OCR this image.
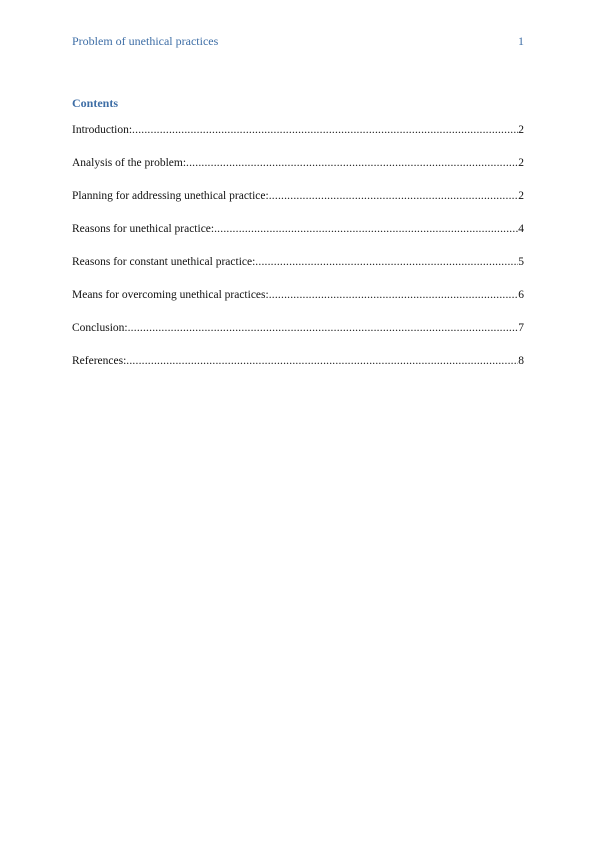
Problem of unethical practices	1
Contents
Introduction: .....	2
Analysis of the problem: .....	2
Planning for addressing unethical practice: .....	2
Reasons for unethical practice: .....	4
Reasons for constant unethical practice: .....	5
Means for overcoming unethical practices: .....	6
Conclusion: .....	7
References: .....	8
